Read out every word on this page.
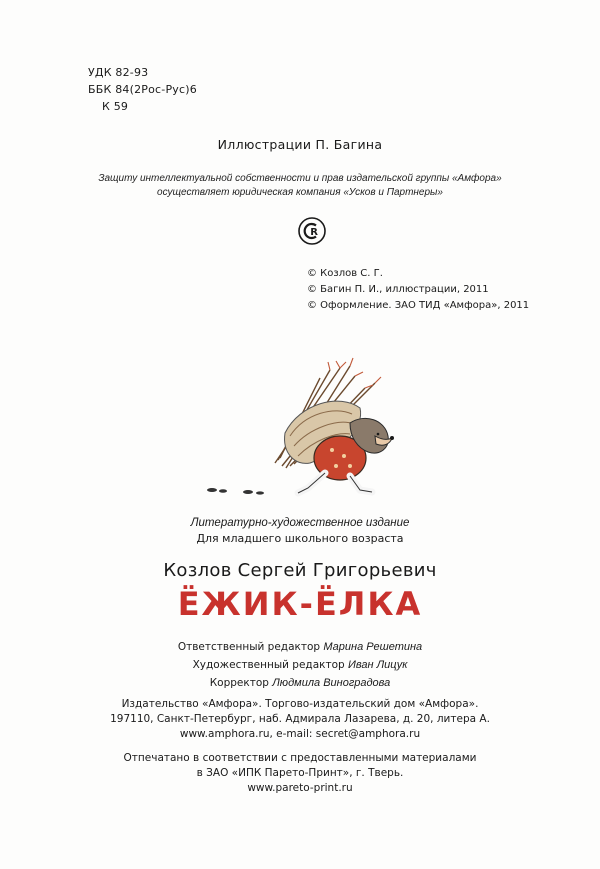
УДК 82-93
ББК 84(2Рос-Рус)6
К 59
Иллюстрации П. Багина
Защиту интеллектуальной собственности и прав издательской группы «Амфора»
осуществляет юридическая компания «Усков и Партнеры»
R
© Козлов С. Г.
© Багин П. И., иллюстрации, 2011
© Оформление. ЗАО ТИД «Амфора», 2011
Литературно-художественное издание
Для младшего школьного возраста
Козлов Сергей Григорьевич
ЁЖИК-ЁЛКА
Ответственный редактор Марина Решетина
Художественный редактор Иван Лицук
Корректор Людмила Виноградова
Издательство «Амфора». Торгово-издательский дом «Амфора».
197110, Санкт-Петербург, наб. Адмирала Лазарева, д. 20, литера А.
www.amphora.ru, e-mail: secret@amphora.ru
Отпечатано в соответствии с предоставленными материалами
в ЗАО «ИПК Парето-Принт», г. Тверь.
www.pareto-print.ru
